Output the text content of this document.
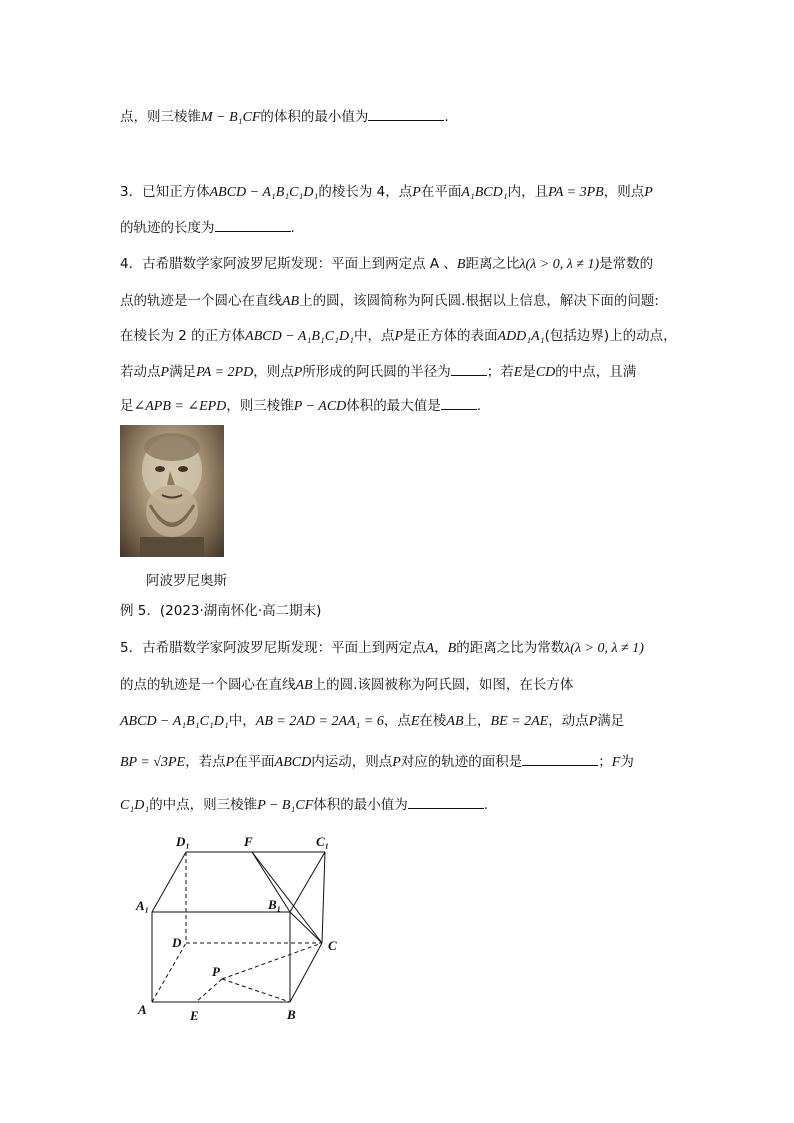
点，则三棱锥M − B₁CF的体积的最小值为	.
3．已知正方体ABCD − A₁B₁C₁D₁的棱长为 4，点P在平面A₁BCD₁内，且PA = 3PB，则点P
的轨迹的长度为	.
4．古希腊数学家阿波罗尼斯发现：平面上到两定点 A 、B距离之比λ(λ > 0, λ ≠ 1)是常数的
点的轨迹是一个圆心在直线AB上的圆，该圆简称为阿氏圆.根据以上信息，解决下面的问题:
在棱长为 2 的正方体ABCD − A₁B₁C₁D₁中，点P是正方体的表面ADD₁A₁(包括边界)上的动点，
若动点P满足PA = 2PD，则点P所形成的阿氏圆的半径为	；若E是CD的中点，且满
足∠APB = ∠EPD，则三棱锥P − ACD体积的最大值是	.
阿波罗尼奥斯
例 5．(2023·湖南怀化·高二期末)
5．古希腊数学家阿波罗尼斯发现：平面上到两定点A，B的距离之比为常数λ(λ > 0, λ ≠ 1)
的点的轨迹是一个圆心在直线AB上的圆.该圆被称为阿氏圆，如图，在长方体
ABCD − A₁B₁C₁D₁中，AB = 2AD = 2AA₁ = 6，点E在棱AB上，BE = 2AE，动点P满足
BP = √3PE，若点P在平面ABCD内运动，则点P对应的轨迹的面积是	；F为
C₁D₁的中点，则三棱锥P − B₁CF体积的最小值为	.
D₁	F	C₁
A₁	B₁
D	C
P
A	E	B
